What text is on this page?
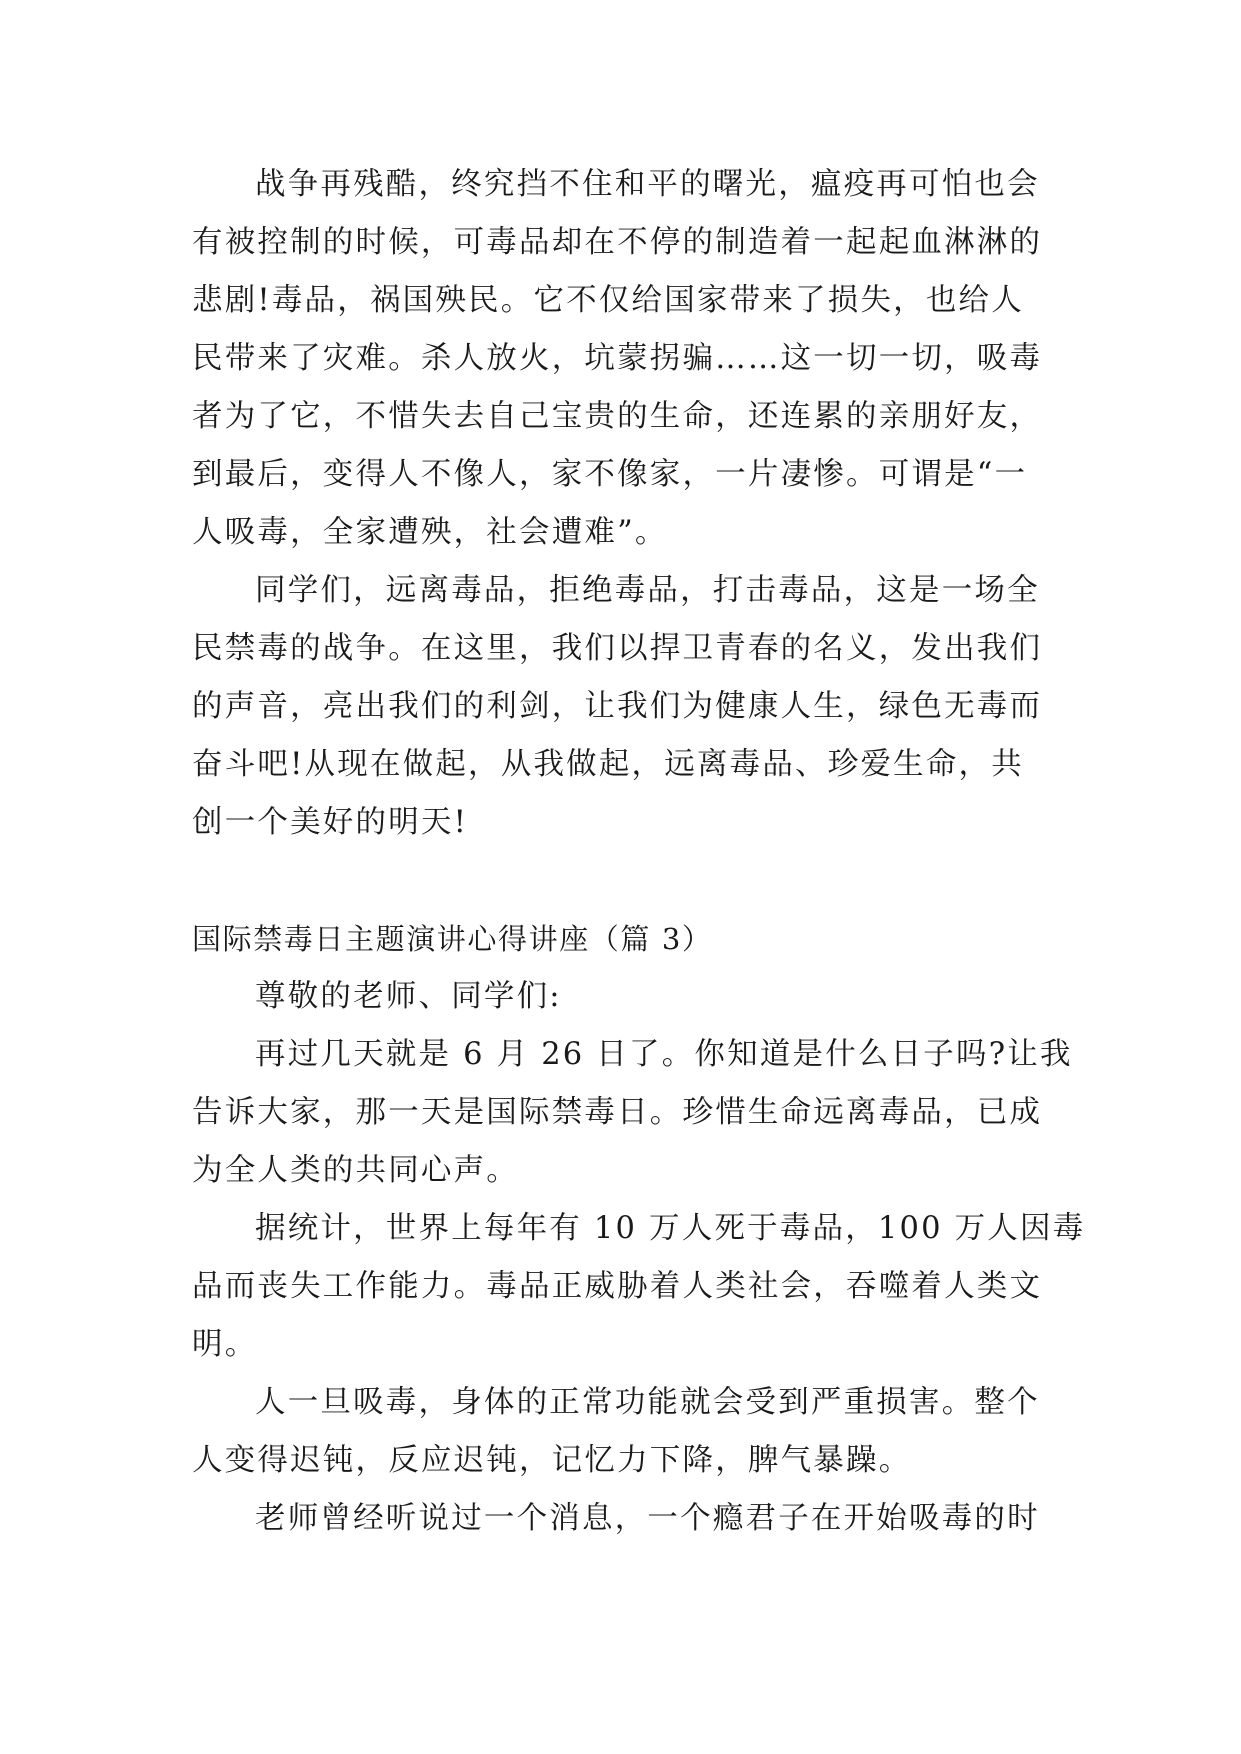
战争再残酷，终究挡不住和平的曙光，瘟疫再可怕也会
有被控制的时候，可毒品却在不停的制造着一起起血淋淋的
悲剧!毒品，祸国殃民。它不仅给国家带来了损失，也给人
民带来了灾难。杀人放火，坑蒙拐骗……这一切一切，吸毒
者为了它，不惜失去自己宝贵的生命，还连累的亲朋好友，
到最后，变得人不像人，家不像家，一片凄惨。可谓是“一
人吸毒，全家遭殃，社会遭难”。
同学们，远离毒品，拒绝毒品，打击毒品，这是一场全
民禁毒的战争。在这里，我们以捍卫青春的名义，发出我们
的声音，亮出我们的利剑，让我们为健康人生，绿色无毒而
奋斗吧!从现在做起，从我做起，远离毒品、珍爱生命，共
创一个美好的明天!
国际禁毒日主题演讲心得讲座（篇 3）
尊敬的老师、同学们:
再过几天就是 6 月 26 日了。你知道是什么日子吗?让我
告诉大家，那一天是国际禁毒日。珍惜生命远离毒品，已成
为全人类的共同心声。
据统计，世界上每年有 10 万人死于毒品，100 万人因毒
品而丧失工作能力。毒品正威胁着人类社会，吞噬着人类文
明。
人一旦吸毒，身体的正常功能就会受到严重损害。整个
人变得迟钝，反应迟钝，记忆力下降，脾气暴躁。
老师曾经听说过一个消息，一个瘾君子在开始吸毒的时
